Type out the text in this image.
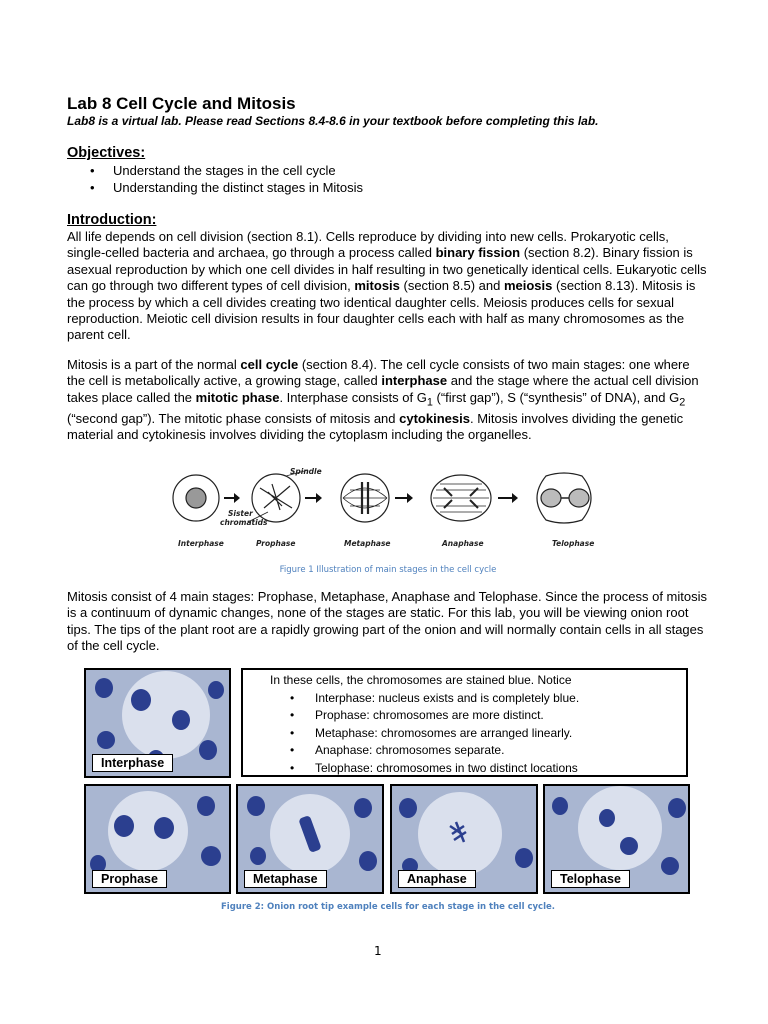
Lab 8 Cell Cycle and Mitosis
Lab8 is a virtual lab. Please read Sections 8.4-8.6 in your textbook before completing this lab.
Objectives:
• Understand the stages in the cell cycle
• Understanding the distinct stages in Mitosis
Introduction:
All life depends on cell division (section 8.1). Cells reproduce by dividing into new cells. Prokaryotic cells, single-celled bacteria and archaea, go through a process called binary fission (section 8.2). Binary fission is asexual reproduction by which one cell divides in half resulting in two genetically identical cells. Eukaryotic cells can go through two different types of cell division, mitosis (section 8.5) and meiosis (section 8.13). Mitosis is the process by which a cell divides creating two identical daughter cells. Meiosis produces cells for sexual reproduction. Meiotic cell division results in four daughter cells each with half as many chromosomes as the parent cell.
Mitosis is a part of the normal cell cycle (section 8.4). The cell cycle consists of two main stages: one where the cell is metabolically active, a growing stage, called interphase and the stage where the actual cell division takes place called the mitotic phase. Interphase consists of $G_1$ (“first gap”), S (“synthesis” of DNA), and $G_2$ (“second gap”). The mitotic phase consists of mitosis and cytokinesis. Mitosis involves dividing the genetic material and cytokinesis involves dividing the cytoplasm including the organelles.
Spindle
Sister
chromatids
Interphase	Prophase	Metaphase	Anaphase	Telophase
Figure 1 Illustration of main stages in the cell cycle
Mitosis consist of 4 main stages: Prophase, Metaphase, Anaphase and Telophase. Since the process of mitosis is a continuum of dynamic changes, none of the stages are static. For this lab, you will be viewing onion root tips. The tips of the plant root are a rapidly growing part of the onion and will normally contain cells in all stages of the cell cycle.
Interphase
In these cells, the chromosomes are stained blue. Notice
• Interphase: nucleus exists and is completely blue.
• Prophase: chromosomes are more distinct.
• Metaphase: chromosomes are arranged linearly.
• Anaphase: chromosomes separate.
• Telophase: chromosomes in two distinct locations
Prophase	Metaphase	Anaphase	Telophase
Figure 2: Onion root tip example cells for each stage in the cell cycle.
1
